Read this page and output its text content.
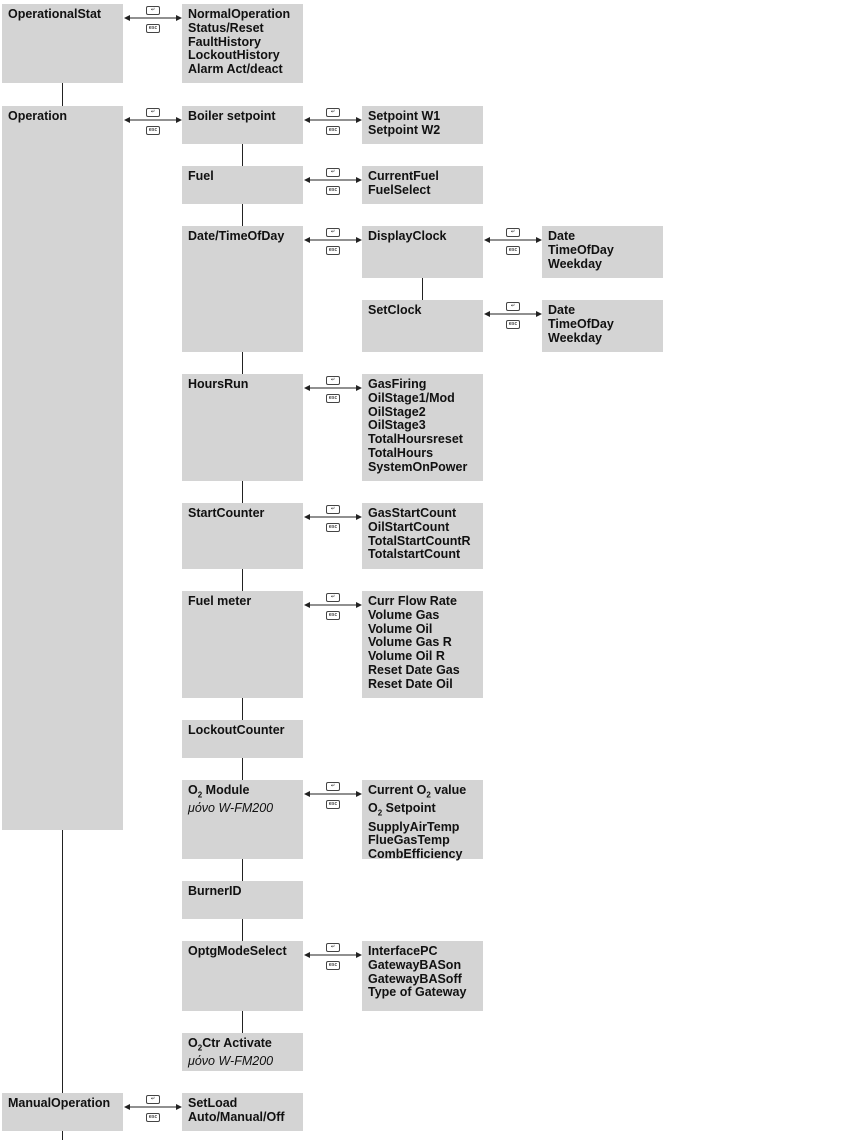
OperationalStat
Operation
ManualOperation
NormalOperation
Status/Reset
FaultHistory
LockoutHistory
Alarm Act/deact
Boiler setpoint
Fuel
Date/TimeOfDay
HoursRun
StartCounter
Fuel meter
LockoutCounter
$O_2$ Module
μόνο W-FM200
BurnerID
OptgModeSelect
$O_2Ctr$ Activate
μόνο W-FM200
SetLoad
Auto/Manual/Off
Setpoint W1
Setpoint W2
CurrentFuel
FuelSelect
DisplayClock
SetClock
GasFiring
OilStage1/Mod
OilStage2
OilStage3
TotalHoursreset
TotalHours
SystemOnPower
GasStartCount
OilStartCount
TotalStartCountR
TotalstartCount
Curr Flow Rate
Volume Gas
Volume Oil
Volume Gas R
Volume Oil R
Reset Date Gas
Reset Date Oil
Current $O_2$ value
$O_2$ Setpoint
SupplyAirTemp
FlueGasTemp
CombEfficiency
InterfacePC
GatewayBASon
GatewayBASoff
Type of Gateway
Date
TimeOfDay
Weekday
Date
TimeOfDay
Weekday
↵
esc
↵
esc
↵
esc
↵
esc
↵
esc
↵
esc
↵
esc
↵
esc
↵
esc
↵
esc
↵
esc
↵
esc
↵
esc
